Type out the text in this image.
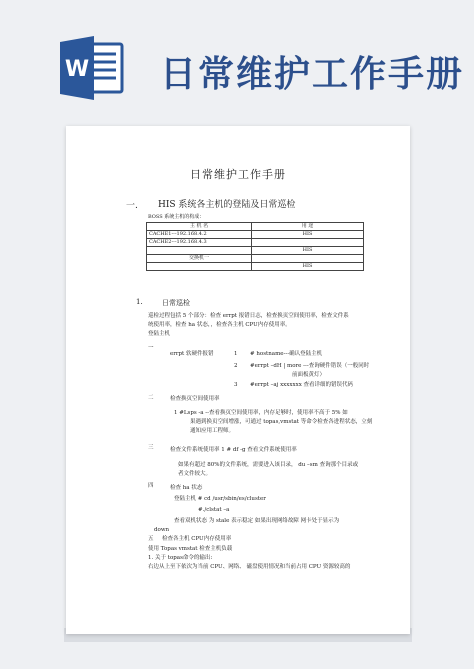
W 日常维护工作手册
日常维护工作手册
一. HIS 系统各主机的登陆及日常巡检
BOSS 系统主机的构成：
主 机 名	用 途
CACHE1---192.168.4.2	HIS
CACHE2---192.168.4.3	
	HIS
交换机一	
	HIS
1.	日常巡检
巡检过程包括 5 个部分：检查 errpt 报错日志，检查换页空间使用率，检查文件系
统使用率，检查 ha 状态，，检查各主机 CPU内存使用率。
登陆主机
一
errpt 软硬件报错	1 # hostname---确认登陆主机
2 #errpt –dH | more ---查询硬件错误（一般同时
前面板黄灯）
3 #errpt –aj xxxxxxx 查看详细的错误代码
二	检查换页空间使用率
1 #Lsps -a --查看换页空间使用率，内存足够时，使用率不高于 5% 如
果遇到换页空间增涨，可通过 topas,vmstat 等命令检查各进程状态，立刻
通知应用工程师。
三	检查文件系统使用率 1 # df -g 查看文件系统使用率
如果有超过 80%的文件系统，需要进入该目录， du –sm 查询那个目录或
者文件较大。
四	检查 ha 状态
登陆主机 # cd /usr/sbin/es/cluster
#./clstat –a
查看双机状态 为 stale 表示稳定 如果出现网络故障 网卡处于显示为
down
五 检查各主机 CPU内存使用率
使用 Topas vmstat 检查主机负载
1. 关于 topas命令的输出:
右边从上至下依次为当前 CPU、网络、 磁盘使用情况和当前占用 CPU 资源较高的
